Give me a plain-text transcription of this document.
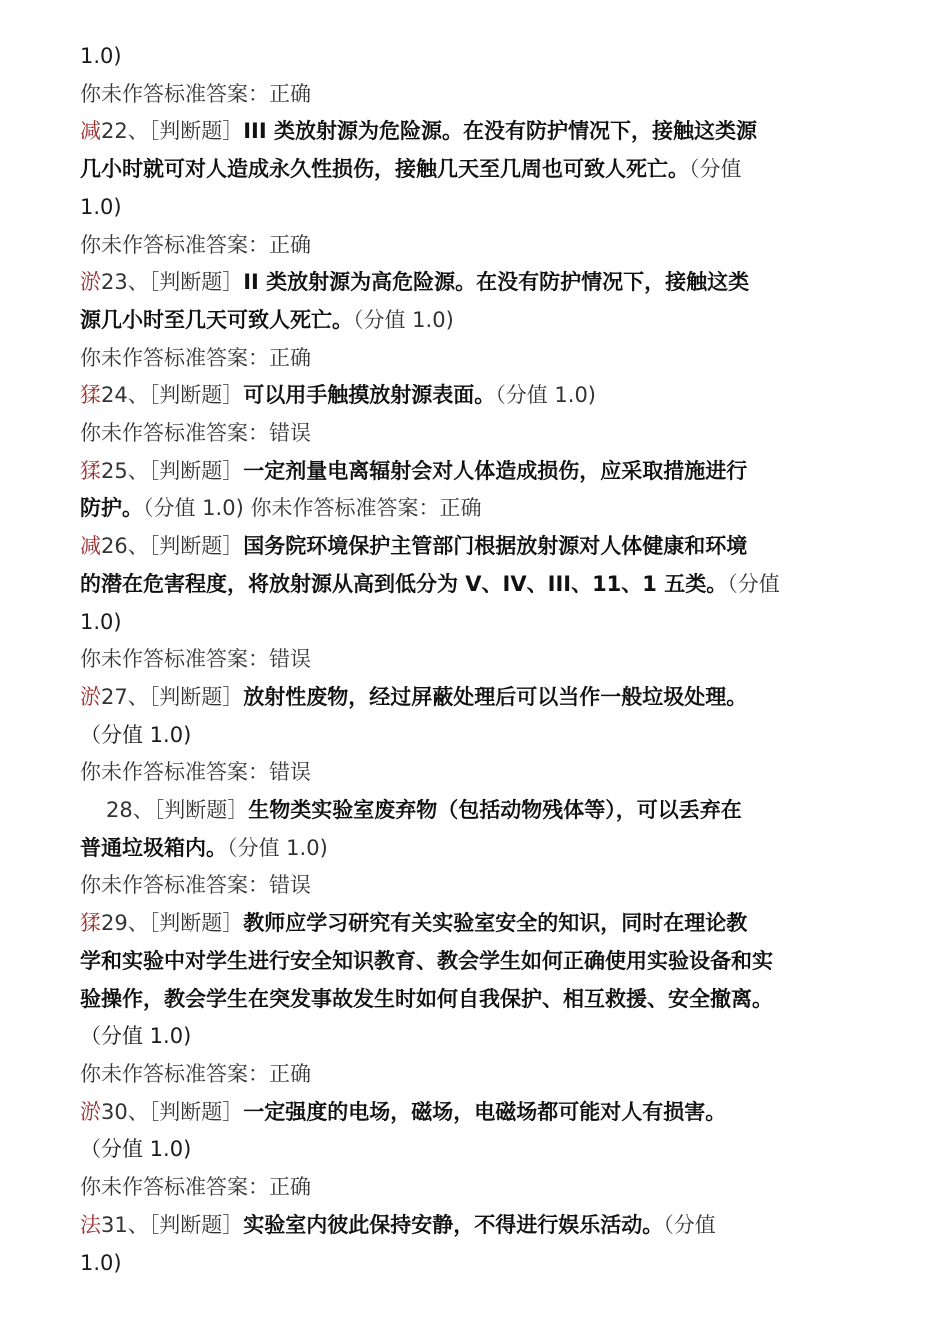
1.0)
你未作答标准答案：正确
减22、［判断题］III 类放射源为危险源。在没有防护情况下，接触这类源
几小时就可对人造成永久性损伤，接触几天至几周也可致人死亡。（分值
1.0)
你未作答标准答案：正确
淤23、［判断题］II 类放射源为高危险源。在没有防护情况下，接触这类
源几小时至几天可致人死亡。（分值 1.0)
你未作答标准答案：正确
猱24、［判断题］可以用手触摸放射源表面。（分值 1.0)
你未作答标准答案：错误
猱25、［判断题］一定剂量电离辐射会对人体造成损伤，应采取措施进行
防护。（分值 1.0) 你未作答标准答案：正确
减26、［判断题］国务院环境保护主管部门根据放射源对人体健康和环境
的潜在危害程度，将放射源从高到低分为 V、IV、III、11、1 五类。（分值
1.0)
你未作答标准答案：错误
淤27、［判断题］放射性废物，经过屏蔽处理后可以当作一般垃圾处理。
（分值 1.0)
你未作答标准答案：错误
28、［判断题］生物类实验室废弃物（包括动物残体等），可以丢弃在
普通垃圾箱内。（分值 1.0)
你未作答标准答案：错误
猱29、［判断题］教师应学习研究有关实验室安全的知识，同时在理论教
学和实验中对学生进行安全知识教育、教会学生如何正确使用实验设备和实
验操作，教会学生在突发事故发生时如何自我保护、相互救援、安全撤离。
（分值 1.0)
你未作答标准答案：正确
淤30、［判断题］一定强度的电场，磁场，电磁场都可能对人有损害。
（分值 1.0)
你未作答标准答案：正确
法31、［判断题］实验室内彼此保持安静，不得进行娱乐活动。（分值
1.0)
